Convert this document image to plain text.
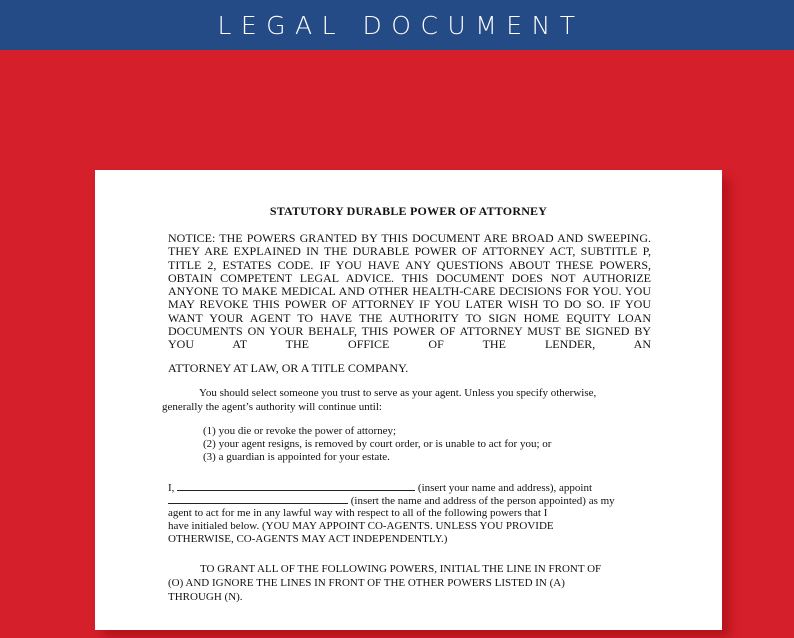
LEGAL DOCUMENT
STATUTORY DURABLE POWER OF ATTORNEY
NOTICE: THE POWERS GRANTED BY THIS DOCUMENT ARE BROAD AND SWEEPING. THEY ARE EXPLAINED IN THE DURABLE POWER OF ATTORNEY ACT, SUBTITLE P, TITLE 2, ESTATES CODE. IF YOU HAVE ANY QUESTIONS ABOUT THESE POWERS, OBTAIN COMPETENT LEGAL ADVICE. THIS DOCUMENT DOES NOT AUTHORIZE ANYONE TO MAKE MEDICAL AND OTHER HEALTH-CARE DECISIONS FOR YOU. YOU MAY REVOKE THIS POWER OF ATTORNEY IF YOU LATER WISH TO DO SO. IF YOU WANT YOUR AGENT TO HAVE THE AUTHORITY TO SIGN HOME EQUITY LOAN DOCUMENTS ON YOUR BEHALF, THIS POWER OF ATTORNEY MUST BE SIGNED BY YOU AT THE OFFICE OF THE LENDER, AN
ATTORNEY AT LAW, OR A TITLE COMPANY.
You should select someone you trust to serve as your agent. Unless you specify otherwise,
generally the agent’s authority will continue until:
(1) you die or revoke the power of attorney;
(2) your agent resigns, is removed by court order, or is unable to act for you; or
(3) a guardian is appointed for your estate.
I,	(insert your name and address), appoint
(insert the name and address of the person appointed) as my
agent to act for me in any lawful way with respect to all of the following powers that I
have initialed below. (YOU MAY APPOINT CO-AGENTS. UNLESS YOU PROVIDE
OTHERWISE, CO-AGENTS MAY ACT INDEPENDENTLY.)
TO GRANT ALL OF THE FOLLOWING POWERS, INITIAL THE LINE IN FRONT OF
(O) AND IGNORE THE LINES IN FRONT OF THE OTHER POWERS LISTED IN (A)
THROUGH (N).
